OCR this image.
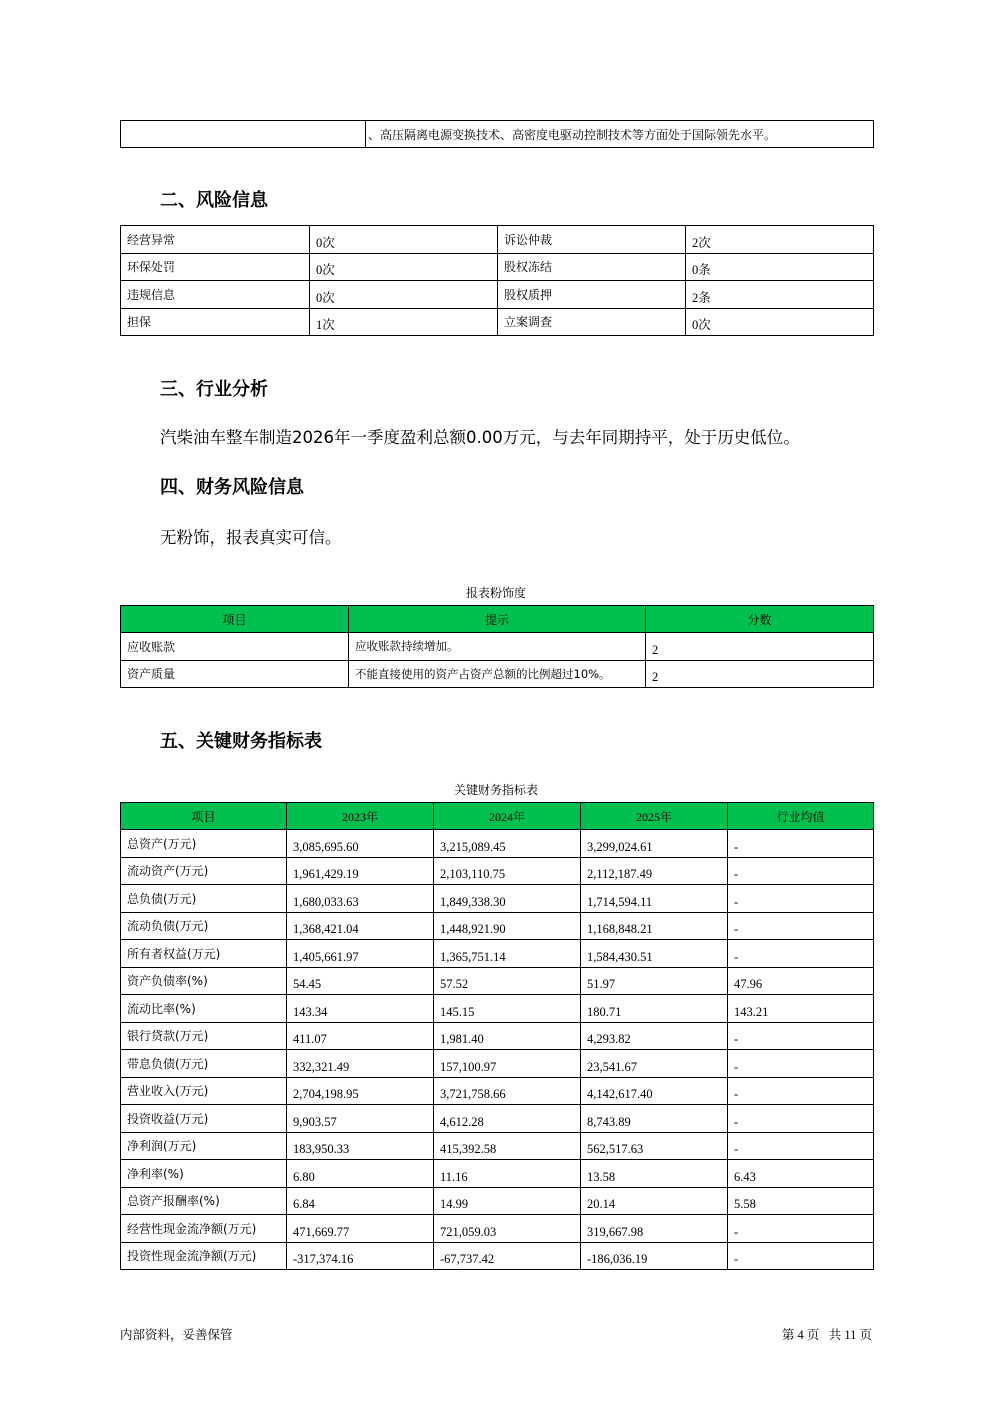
	、高压隔离电源变换技术、高密度电驱动控制技术等方面处于国际领先水平。
二、风险信息
经营异常	0次	诉讼仲裁	2次
环保处罚	0次	股权冻结	0条
违规信息	0次	股权质押	2条
担保	1次	立案调查	0次
三、行业分析

汽柴油车整车制造2026年一季度盈利总额0.00万元，与去年同期持平，处于历史低位。

四、财务风险信息

无粉饰，报表真实可信。

报表粉饰度
项目	提示	分数
应收账款	应收账款持续增加。	2
资产质量	不能直接使用的资产占资产总额的比例超过10%。	2
五、关键财务指标表
关键财务指标表
项目	2023年	2024年	2025年	行业均值
总资产(万元)	3,085,695.60	3,215,089.45	3,299,024.61	-
流动资产(万元)	1,961,429.19	2,103,110.75	2,112,187.49	-
总负债(万元)	1,680,033.63	1,849,338.30	1,714,594.11	-
流动负债(万元)	1,368,421.04	1,448,921.90	1,168,848.21	-
所有者权益(万元)	1,405,661.97	1,365,751.14	1,584,430.51	-
资产负债率(%)	54.45	57.52	51.97	47.96
流动比率(%)	143.34	145.15	180.71	143.21
银行贷款(万元)	411.07	1,981.40	4,293.82	-
带息负债(万元)	332,321.49	157,100.97	23,541.67	-
营业收入(万元)	2,704,198.95	3,721,758.66	4,142,617.40	-
投资收益(万元)	9,903.57	4,612.28	8,743.89	-
净利润(万元)	183,950.33	415,392.58	562,517.63	-
净利率(%)	6.80	11.16	13.58	6.43
总资产报酬率(%)	6.84	14.99	20.14	5.58
经营性现金流净额(万元)	471,669.77	721,059.03	319,667.98	-
投资性现金流净额(万元)	-317,374.16	-67,737.42	-186,036.19	-
内部资料，妥善保管	第 4 页   共 11 页
